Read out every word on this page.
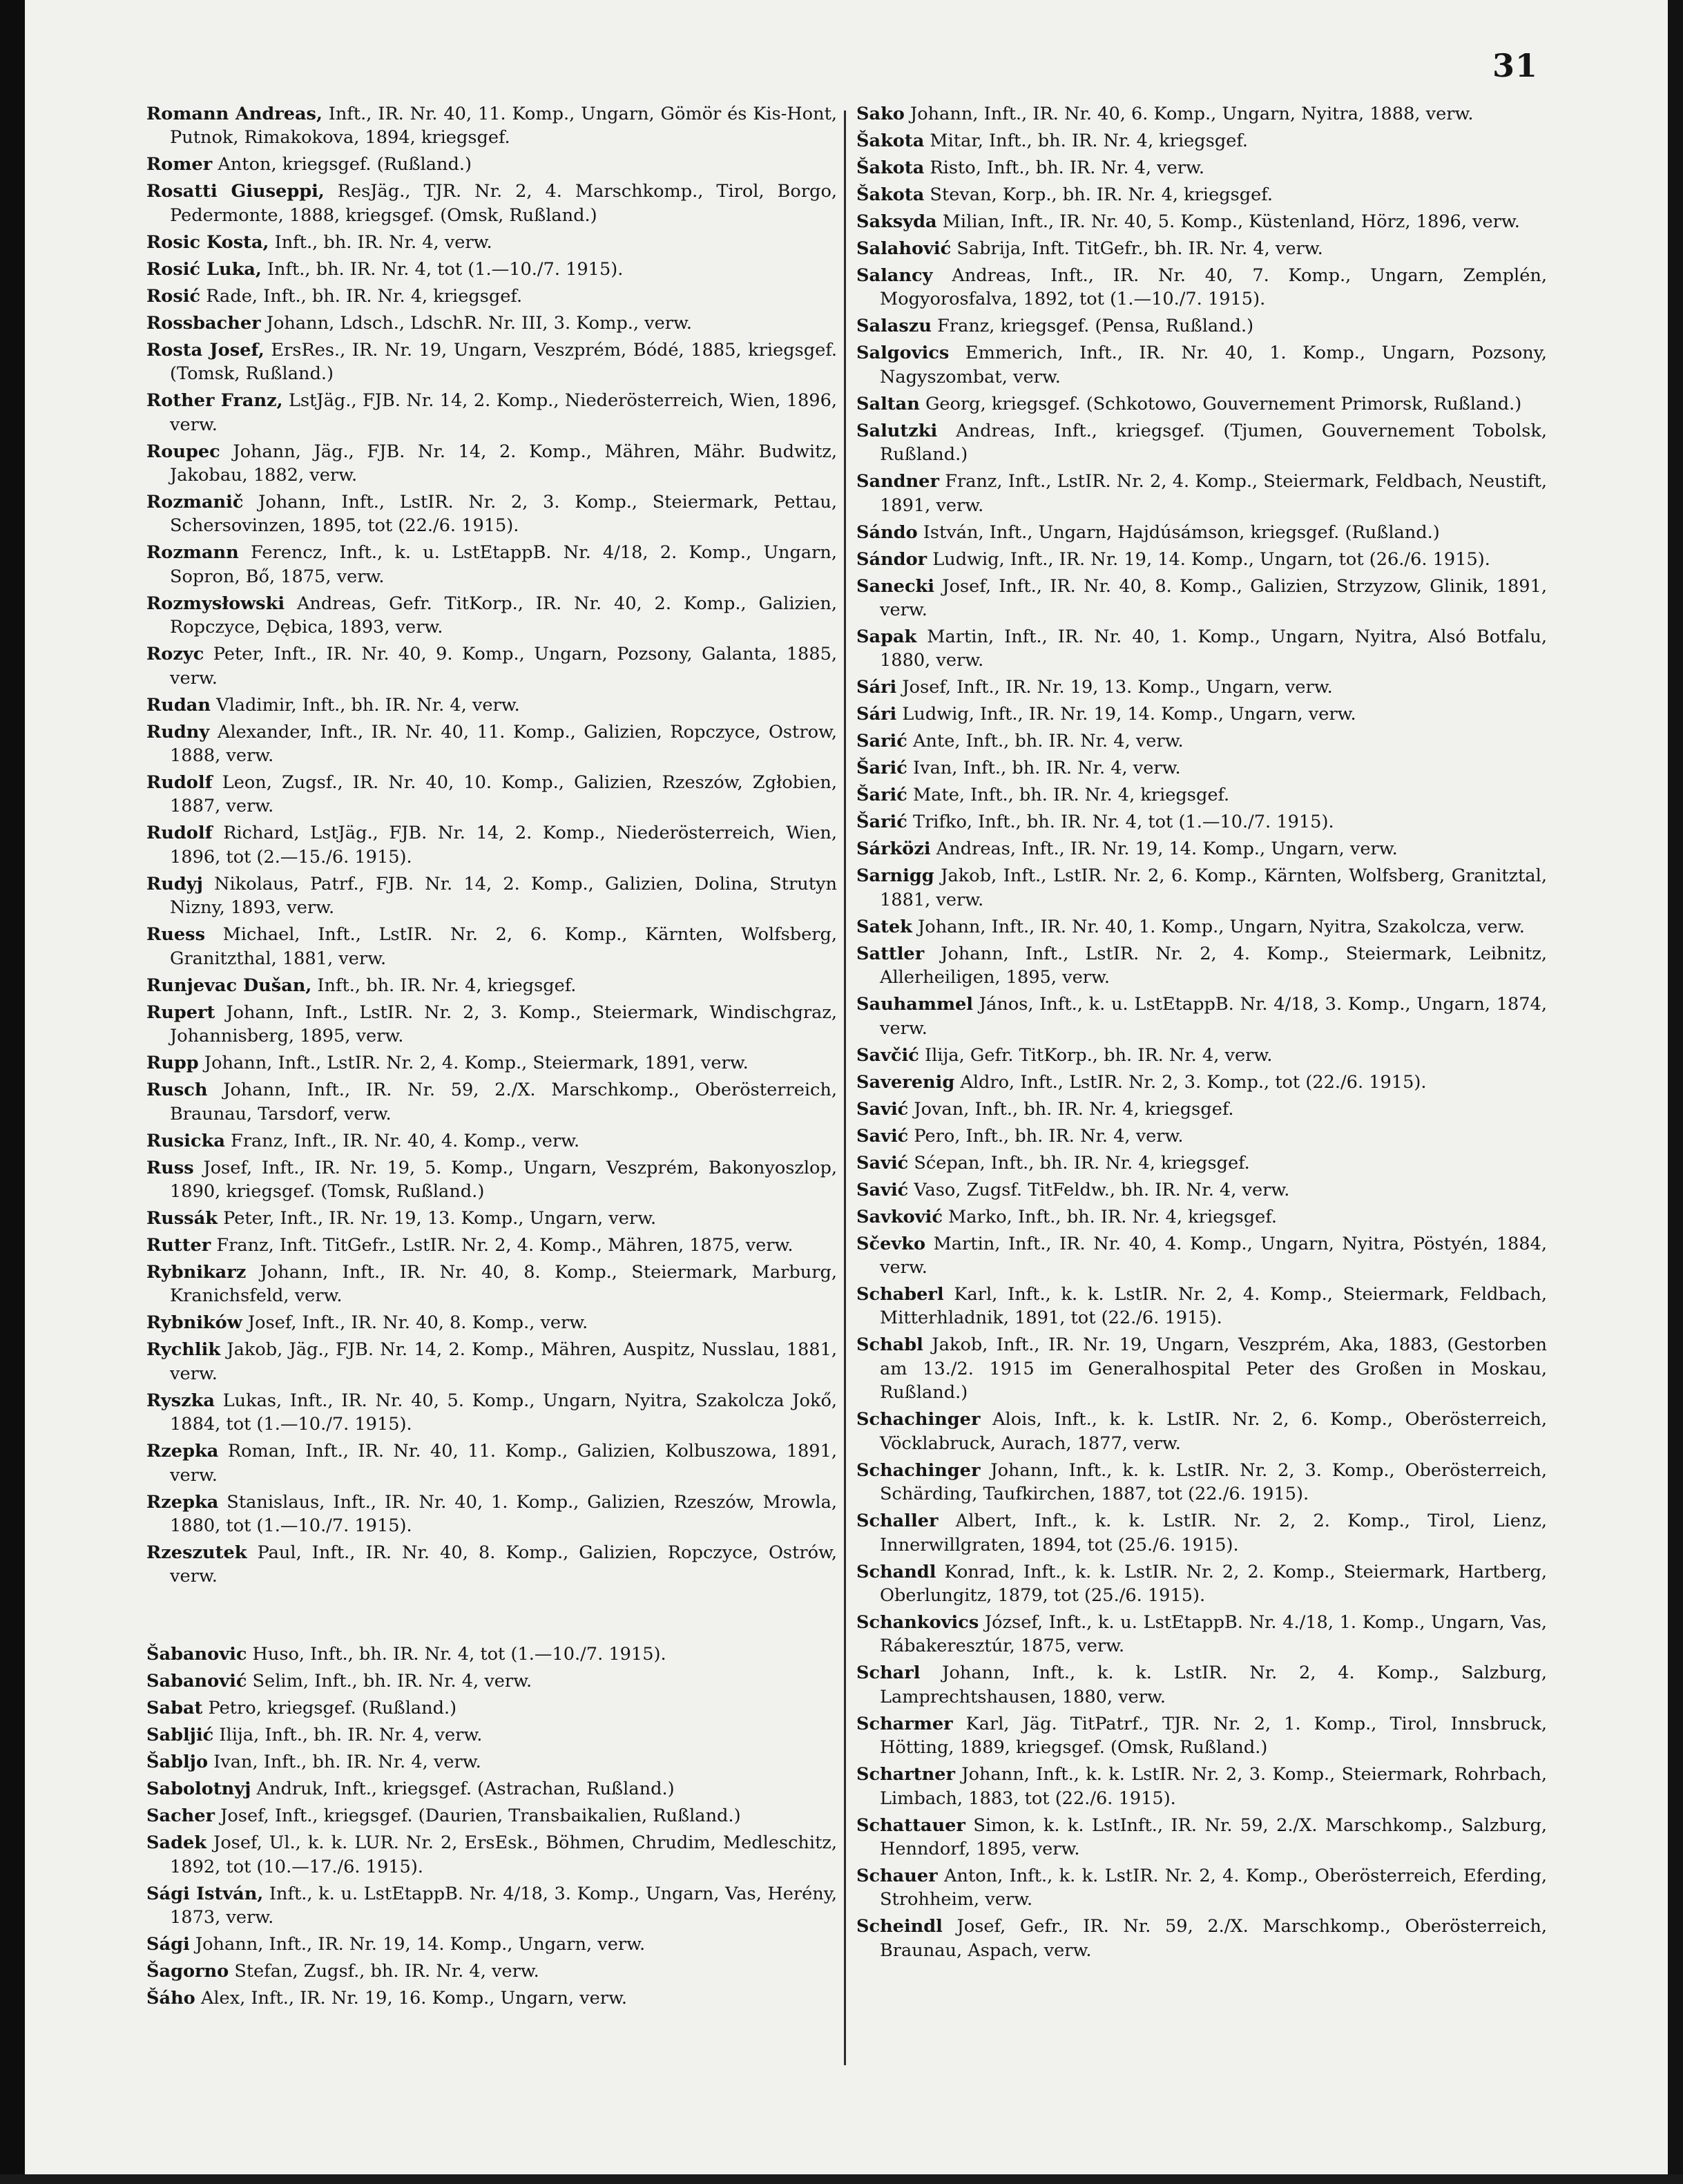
31
Romann Andreas, Inft., IR. Nr. 40, 11. Komp., Ungarn, Gömör és Kis-Hont, Putnok, Rimakokova, 1894, kriegsgef.
Romer Anton, kriegsgef. (Rußland.)
Rosatti Giuseppi, ResJäg., TJR. Nr. 2, 4. Marschkomp., Tirol, Borgo, Pedermonte, 1888, kriegsgef. (Omsk, Rußland.)
Rosic Kosta, Inft., bh. IR. Nr. 4, verw.
Rosić Luka, Inft., bh. IR. Nr. 4, tot (1.—10./7. 1915).
Rosić Rade, Inft., bh. IR. Nr. 4, kriegsgef.
Rossbacher Johann, Ldsch., LdschR. Nr. III, 3. Komp., verw.
Rosta Josef, ErsRes., IR. Nr. 19, Ungarn, Veszprém, Bódé, 1885, kriegsgef. (Tomsk, Rußland.)
Rother Franz, LstJäg., FJB. Nr. 14, 2. Komp., Niederösterreich, Wien, 1896, verw.
Roupec Johann, Jäg., FJB. Nr. 14, 2. Komp., Mähren, Mähr. Budwitz, Jakobau, 1882, verw.
Rozmanič Johann, Inft., LstIR. Nr. 2, 3. Komp., Steiermark, Pettau, Schersovinzen, 1895, tot (22./6. 1915).
Rozmann Ferencz, Inft., k. u. LstEtappB. Nr. 4/18, 2. Komp., Ungarn, Sopron, Bő, 1875, verw.
Rozmysłowski Andreas, Gefr. TitKorp., IR. Nr. 40, 2. Komp., Galizien, Ropczyce, Dębica, 1893, verw.
Rozyc Peter, Inft., IR. Nr. 40, 9. Komp., Ungarn, Pozsony, Galanta, 1885, verw.
Rudan Vladimir, Inft., bh. IR. Nr. 4, verw.
Rudny Alexander, Inft., IR. Nr. 40, 11. Komp., Galizien, Ropczyce, Ostrow, 1888, verw.
Rudolf Leon, Zugsf., IR. Nr. 40, 10. Komp., Galizien, Rzeszów, Zgłobien, 1887, verw.
Rudolf Richard, LstJäg., FJB. Nr. 14, 2. Komp., Niederösterreich, Wien, 1896, tot (2.—15./6. 1915).
Rudyj Nikolaus, Patrf., FJB. Nr. 14, 2. Komp., Galizien, Dolina, Strutyn Nizny, 1893, verw.
Ruess Michael, Inft., LstIR. Nr. 2, 6. Komp., Kärnten, Wolfsberg, Granitzthal, 1881, verw.
Runjevac Dušan, Inft., bh. IR. Nr. 4, kriegsgef.
Rupert Johann, Inft., LstIR. Nr. 2, 3. Komp., Steiermark, Windischgraz, Johannisberg, 1895, verw.
Rupp Johann, Inft., LstIR. Nr. 2, 4. Komp., Steiermark, 1891, verw.
Rusch Johann, Inft., IR. Nr. 59, 2./X. Marschkomp., Oberösterreich, Braunau, Tarsdorf, verw.
Rusicka Franz, Inft., IR. Nr. 40, 4. Komp., verw.
Russ Josef, Inft., IR. Nr. 19, 5. Komp., Ungarn, Veszprém, Bakonyoszlop, 1890, kriegsgef. (Tomsk, Rußland.)
Russák Peter, Inft., IR. Nr. 19, 13. Komp., Ungarn, verw.
Rutter Franz, Inft. TitGefr., LstIR. Nr. 2, 4. Komp., Mähren, 1875, verw.
Rybnikarz Johann, Inft., IR. Nr. 40, 8. Komp., Steiermark, Marburg, Kranichsfeld, verw.
Rybników Josef, Inft., IR. Nr. 40, 8. Komp., verw.
Rychlik Jakob, Jäg., FJB. Nr. 14, 2. Komp., Mähren, Auspitz, Nusslau, 1881, verw.
Ryszka Lukas, Inft., IR. Nr. 40, 5. Komp., Ungarn, Nyitra, Szakolcza Jokő, 1884, tot (1.—10./7. 1915).
Rzepka Roman, Inft., IR. Nr. 40, 11. Komp., Galizien, Kolbuszowa, 1891, verw.
Rzepka Stanislaus, Inft., IR. Nr. 40, 1. Komp., Galizien, Rzeszów, Mrowla, 1880, tot (1.—10./7. 1915).
Rzeszutek Paul, Inft., IR. Nr. 40, 8. Komp., Galizien, Ropczyce, Ostrów, verw.
Šabanovic Huso, Inft., bh. IR. Nr. 4, tot (1.—10./7. 1915).
Sabanović Selim, Inft., bh. IR. Nr. 4, verw.
Sabat Petro, kriegsgef. (Rußland.)
Sabljić Ilija, Inft., bh. IR. Nr. 4, verw.
Šabljo Ivan, Inft., bh. IR. Nr. 4, verw.
Sabolotnyj Andruk, Inft., kriegsgef. (Astrachan, Rußland.)
Sacher Josef, Inft., kriegsgef. (Daurien, Transbaikalien, Rußland.)
Sadek Josef, Ul., k. k. LUR. Nr. 2, ErsEsk., Böhmen, Chrudim, Medleschitz, 1892, tot (10.—17./6. 1915).
Sági István, Inft., k. u. LstEtappB. Nr. 4/18, 3. Komp., Ungarn, Vas, Herény, 1873, verw.
Sági Johann, Inft., IR. Nr. 19, 14. Komp., Ungarn, verw.
Šagorno Stefan, Zugsf., bh. IR. Nr. 4, verw.
Šáho Alex, Inft., IR. Nr. 19, 16. Komp., Ungarn, verw.
Sako Johann, Inft., IR. Nr. 40, 6. Komp., Ungarn, Nyitra, 1888, verw.
Šakota Mitar, Inft., bh. IR. Nr. 4, kriegsgef.
Šakota Risto, Inft., bh. IR. Nr. 4, verw.
Šakota Stevan, Korp., bh. IR. Nr. 4, kriegsgef.
Saksyda Milian, Inft., IR. Nr. 40, 5. Komp., Küstenland, Hörz, 1896, verw.
Salahović Sabrija, Inft. TitGefr., bh. IR. Nr. 4, verw.
Salancy Andreas, Inft., IR. Nr. 40, 7. Komp., Ungarn, Zemplén, Mogyorosfalva, 1892, tot (1.—10./7. 1915).
Salaszu Franz, kriegsgef. (Pensa, Rußland.)
Salgovics Emmerich, Inft., IR. Nr. 40, 1. Komp., Ungarn, Pozsony, Nagyszombat, verw.
Saltan Georg, kriegsgef. (Schkotowo, Gouvernement Primorsk, Rußland.)
Salutzki Andreas, Inft., kriegsgef. (Tjumen, Gouvernement Tobolsk, Rußland.)
Sandner Franz, Inft., LstIR. Nr. 2, 4. Komp., Steiermark, Feldbach, Neustift, 1891, verw.
Sándo István, Inft., Ungarn, Hajdúsámson, kriegsgef. (Rußland.)
Sándor Ludwig, Inft., IR. Nr. 19, 14. Komp., Ungarn, tot (26./6. 1915).
Sanecki Josef, Inft., IR. Nr. 40, 8. Komp., Galizien, Strzyzow, Glinik, 1891, verw.
Sapak Martin, Inft., IR. Nr. 40, 1. Komp., Ungarn, Nyitra, Alsó Botfalu, 1880, verw.
Sári Josef, Inft., IR. Nr. 19, 13. Komp., Ungarn, verw.
Sári Ludwig, Inft., IR. Nr. 19, 14. Komp., Ungarn, verw.
Sarić Ante, Inft., bh. IR. Nr. 4, verw.
Šarić Ivan, Inft., bh. IR. Nr. 4, verw.
Šarić Mate, Inft., bh. IR. Nr. 4, kriegsgef.
Šarić Trifko, Inft., bh. IR. Nr. 4, tot (1.—10./7. 1915).
Sárközi Andreas, Inft., IR. Nr. 19, 14. Komp., Ungarn, verw.
Sarnigg Jakob, Inft., LstIR. Nr. 2, 6. Komp., Kärnten, Wolfsberg, Granitztal, 1881, verw.
Satek Johann, Inft., IR. Nr. 40, 1. Komp., Ungarn, Nyitra, Szakolcza, verw.
Sattler Johann, Inft., LstIR. Nr. 2, 4. Komp., Steiermark, Leibnitz, Allerheiligen, 1895, verw.
Sauhammel János, Inft., k. u. LstEtappB. Nr. 4/18, 3. Komp., Ungarn, 1874, verw.
Savčić Ilija, Gefr. TitKorp., bh. IR. Nr. 4, verw.
Saverenig Aldro, Inft., LstIR. Nr. 2, 3. Komp., tot (22./6. 1915).
Savić Jovan, Inft., bh. IR. Nr. 4, kriegsgef.
Savić Pero, Inft., bh. IR. Nr. 4, verw.
Savić Sćepan, Inft., bh. IR. Nr. 4, kriegsgef.
Savić Vaso, Zugsf. TitFeldw., bh. IR. Nr. 4, verw.
Savković Marko, Inft., bh. IR. Nr. 4, kriegsgef.
Sčevko Martin, Inft., IR. Nr. 40, 4. Komp., Ungarn, Nyitra, Pöstyén, 1884, verw.
Schaberl Karl, Inft., k. k. LstIR. Nr. 2, 4. Komp., Steiermark, Feldbach, Mitterhladnik, 1891, tot (22./6. 1915).
Schabl Jakob, Inft., IR. Nr. 19, Ungarn, Veszprém, Aka, 1883, (Gestorben am 13./2. 1915 im Generalhospital Peter des Großen in Moskau, Rußland.)
Schachinger Alois, Inft., k. k. LstIR. Nr. 2, 6. Komp., Oberösterreich, Vöcklabruck, Aurach, 1877, verw.
Schachinger Johann, Inft., k. k. LstIR. Nr. 2, 3. Komp., Oberösterreich, Schärding, Taufkirchen, 1887, tot (22./6. 1915).
Schaller Albert, Inft., k. k. LstIR. Nr. 2, 2. Komp., Tirol, Lienz, Innerwillgraten, 1894, tot (25./6. 1915).
Schandl Konrad, Inft., k. k. LstIR. Nr. 2, 2. Komp., Steiermark, Hartberg, Oberlungitz, 1879, tot (25./6. 1915).
Schankovics József, Inft., k. u. LstEtappB. Nr. 4./18, 1. Komp., Ungarn, Vas, Rábakeresztúr, 1875, verw.
Scharl Johann, Inft., k. k. LstIR. Nr. 2, 4. Komp., Salzburg, Lamprechtshausen, 1880, verw.
Scharmer Karl, Jäg. TitPatrf., TJR. Nr. 2, 1. Komp., Tirol, Innsbruck, Hötting, 1889, kriegsgef. (Omsk, Rußland.)
Schartner Johann, Inft., k. k. LstIR. Nr. 2, 3. Komp., Steiermark, Rohrbach, Limbach, 1883, tot (22./6. 1915).
Schattauer Simon, k. k. LstInft., IR. Nr. 59, 2./X. Marschkomp., Salzburg, Henndorf, 1895, verw.
Schauer Anton, Inft., k. k. LstIR. Nr. 2, 4. Komp., Oberösterreich, Eferding, Strohheim, verw.
Scheindl Josef, Gefr., IR. Nr. 59, 2./X. Marschkomp., Oberösterreich, Braunau, Aspach, verw.
